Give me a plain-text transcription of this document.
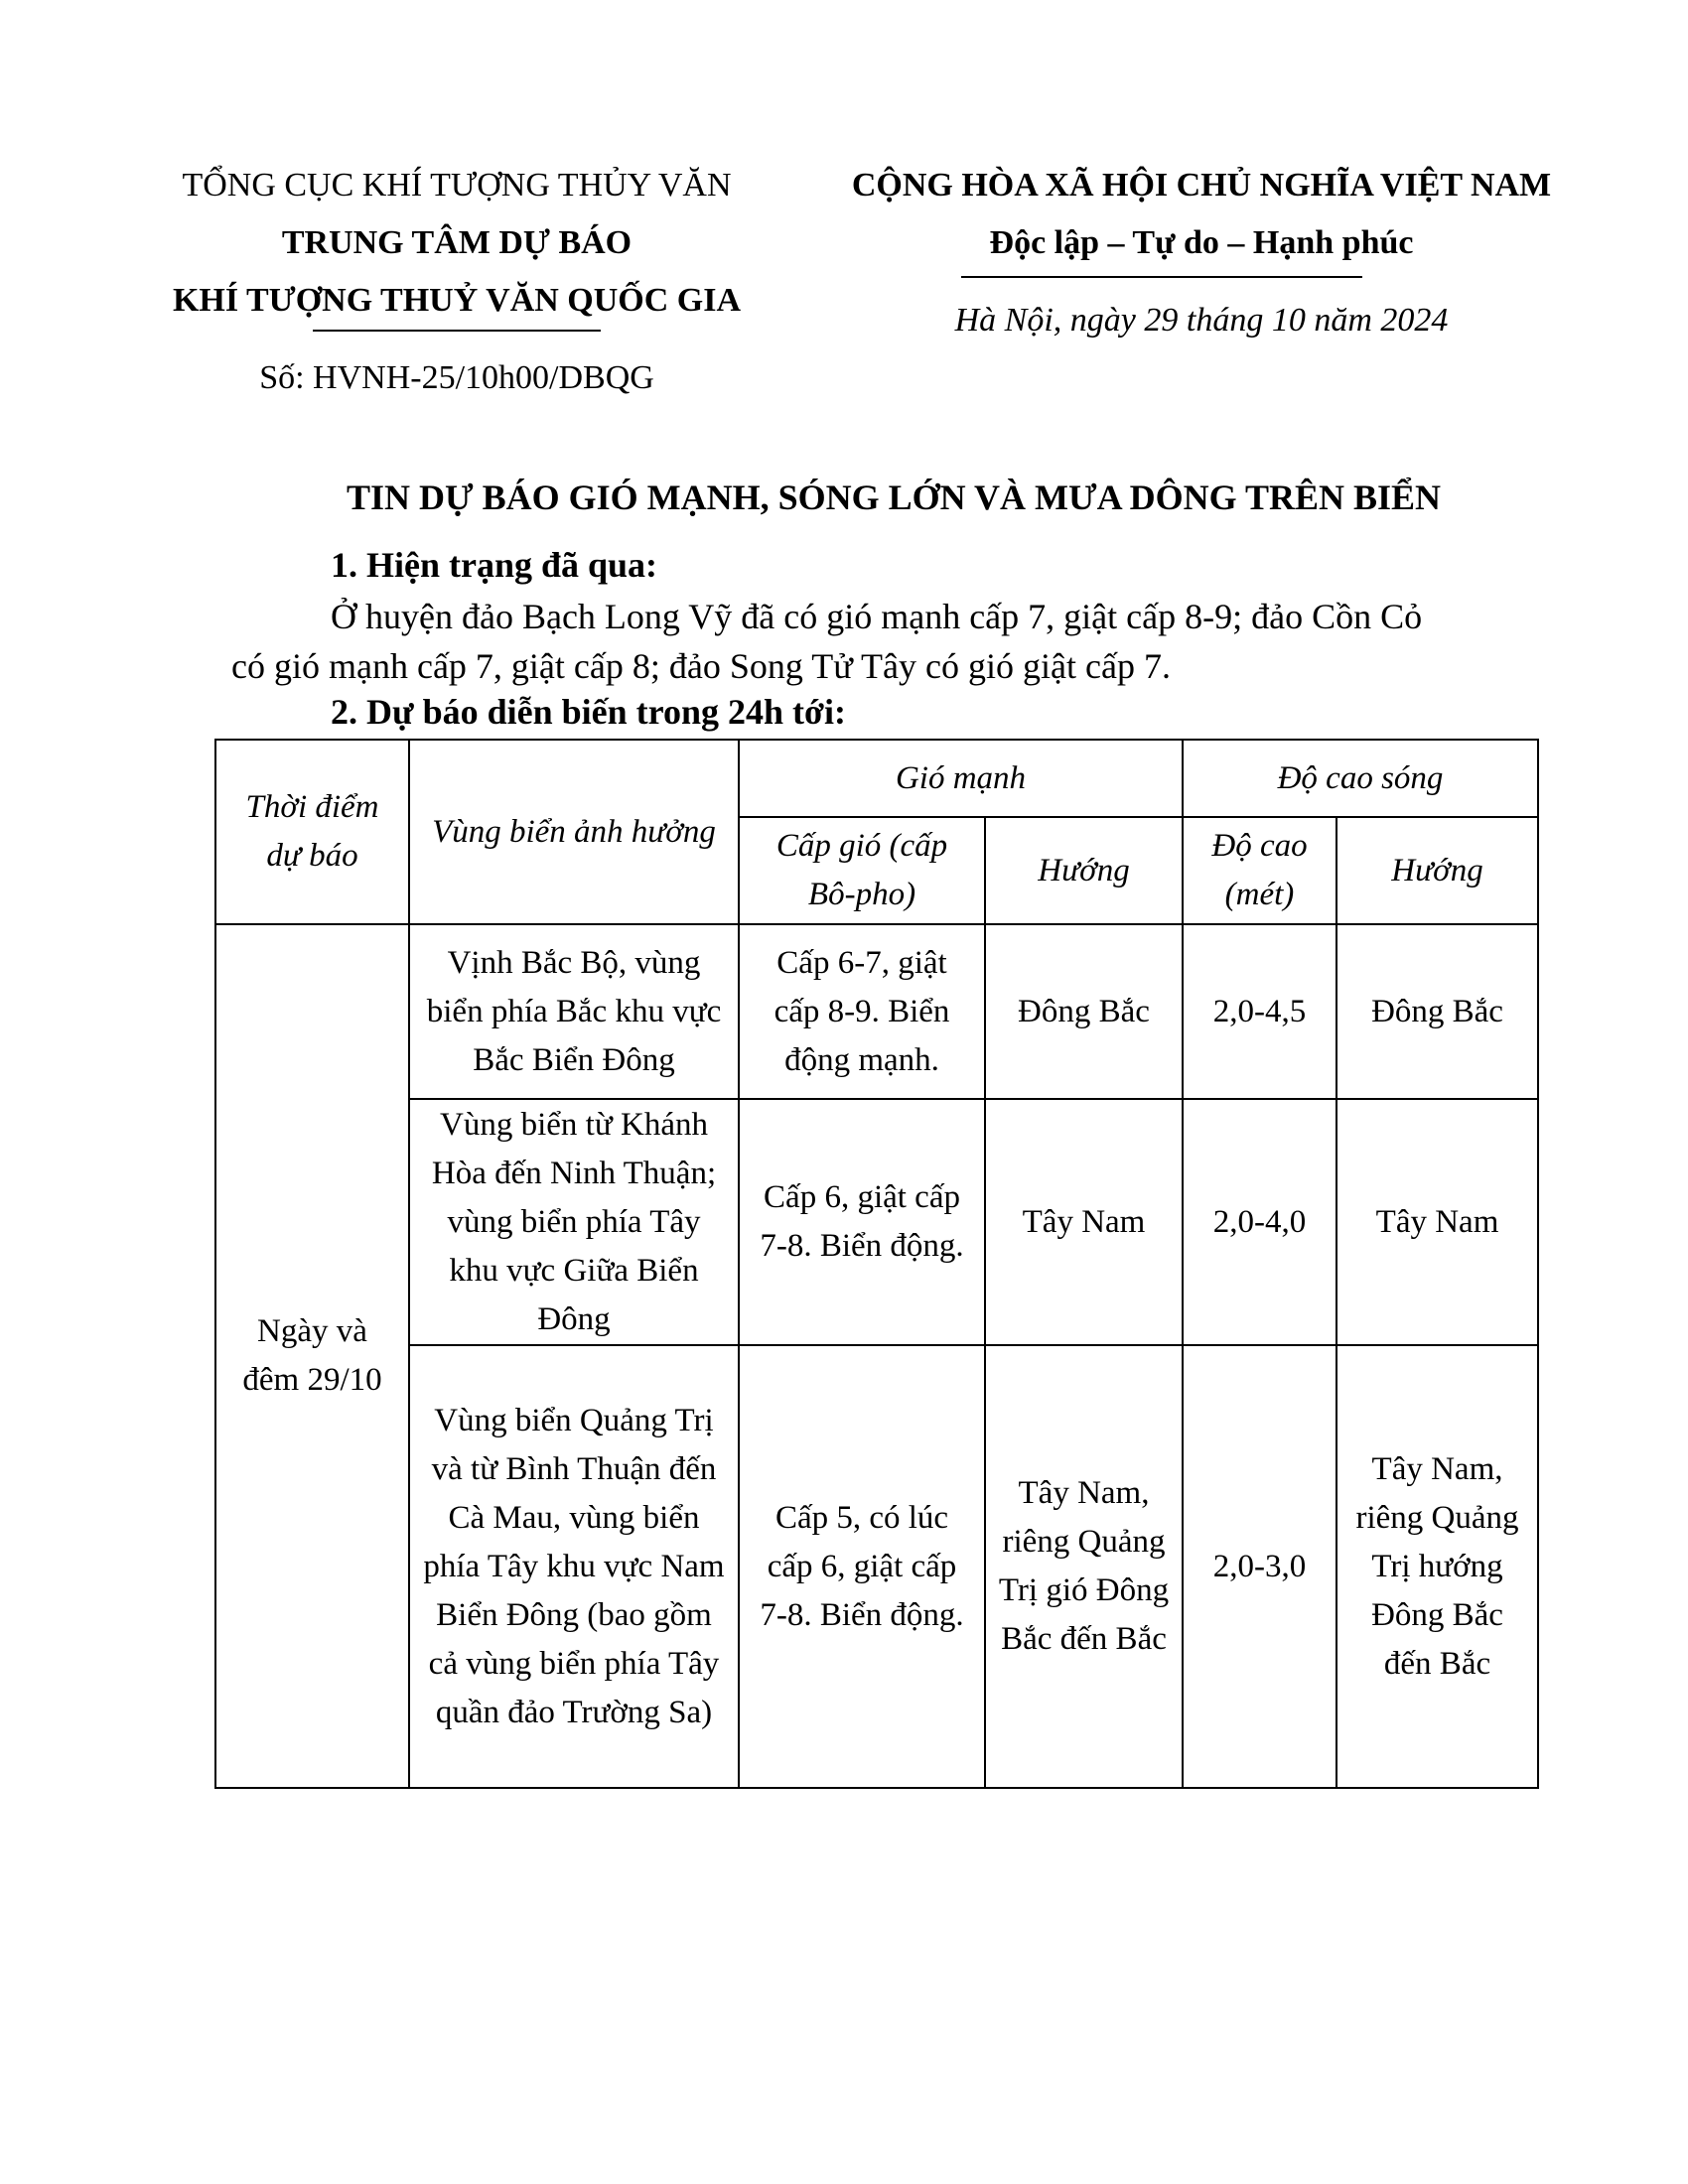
TỔNG CỤC KHÍ TƯỢNG THỦY VĂN
TRUNG TÂM DỰ BÁO
KHÍ TƯỢNG THUỶ VĂN QUỐC GIA
Số: HVNH-25/10h00/DBQG
CỘNG HÒA XÃ HỘI CHỦ NGHĨA VIỆT NAM
Độc lập – Tự do – Hạnh phúc
Hà Nội, ngày 29 tháng 10 năm 2024
TIN DỰ BÁO GIÓ MẠNH, SÓNG LỚN VÀ MƯA DÔNG TRÊN BIỂN
1. Hiện trạng đã qua:
Ở huyện đảo Bạch Long Vỹ đã có gió mạnh cấp 7, giật cấp 8-9; đảo Cồn Cỏ
có gió mạnh cấp 7, giật cấp 8; đảo Song Tử Tây có gió giật cấp 7.
2. Dự báo diễn biến trong 24h tới:
Thời điểm dự báo	Vùng biển ảnh hưởng	Gió mạnh		Độ cao sóng	
		Cấp gió (cấp Bô-pho)	Hướng	Độ cao (mét)	Hướng
Ngày và đêm 29/10	Vịnh Bắc Bộ, vùng biển phía Bắc khu vực Bắc Biển Đông	Cấp 6-7, giật cấp 8-9. Biển động mạnh.	Đông Bắc	2,0-4,5	Đông Bắc
	Vùng biển từ Khánh Hòa đến Ninh Thuận; vùng biển phía Tây khu vực Giữa Biển Đông	Cấp 6, giật cấp 7-8. Biển động.	Tây Nam	2,0-4,0	Tây Nam
	Vùng biển Quảng Trị và từ Bình Thuận đến Cà Mau, vùng biển phía Tây khu vực Nam Biển Đông (bao gồm cả vùng biển phía Tây quần đảo Trường Sa)	Cấp 5, có lúc cấp 6, giật cấp 7-8. Biển động.	Tây Nam, riêng Quảng Trị gió Đông Bắc đến Bắc	2,0-3,0	Tây Nam, riêng Quảng Trị hướng Đông Bắc đến Bắc
